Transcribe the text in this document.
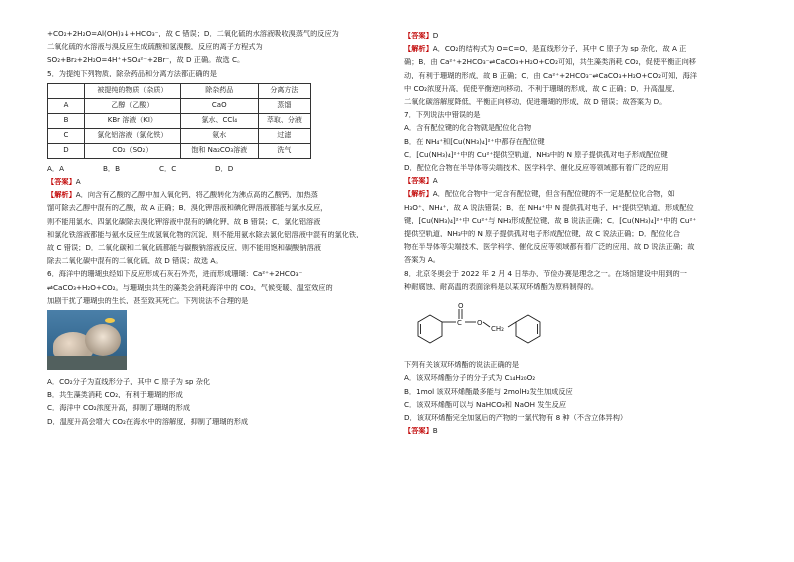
+CO₂+2H₂O=Al(OH)₃↓+HCO₃⁻，故 C 错误；D．二氧化硫的水溶液吸收溴蒸气的反应为

二氧化硫的水溶液与溴反应生成硫酸和氢溴酸，反应的离子方程式为

SO₂+Br₂+2H₂O=4H⁺+SO₄²⁻+2Br⁻，故 D 正确。故选 C。

5．为提纯下列物质，除杂药品和分离方法都正确的是

	被提纯的物质（杂质）	除杂药品	分离方法
A	乙醇（乙酸）	CaO	蒸馏
B	KBr 溶液（KI）	氯水、CCl₄	萃取、分液
C	氯化铝溶液（氯化铁）	氨水	过滤
D	CO₂（SO₂）	饱和 Na₂CO₃溶液	洗气
A．A	B．B	C．C	D．D

【答案】A

【解析】A．向含有乙酸的乙醇中加入氧化钙，将乙酸转化为沸点高的乙酸钙，加热蒸

馏可除去乙醇中混有的乙酸，故 A 正确；B．溴化钾溶液和碘化钾溶液都能与氯水反应，

则不能用氯水、四氯化碳除去溴化钾溶液中混有的碘化钾，故 B 错误；C．氯化铝溶液

和氯化铁溶液都能与氨水反应生成氢氧化物的沉淀，则不能用氨水除去氯化铝溶液中混有的氯化铁，

故 C 错误；D．二氧化碳和二氧化硫都能与碳酸钠溶液反应，则不能用饱和碳酸钠溶液

除去二氧化碳中混有的二氧化硫，故 D 错误；故选 A。

6．海洋中的珊瑚虫经如下反应形成石灰石外壳，进而形成珊瑚：Ca²⁺+2HCO₃⁻

⇌CaCO₃+H₂O+CO₂。与珊瑚虫共生的藻类会消耗海洋中的 CO₂，气候变暖、温室效应的

加剧干扰了珊瑚虫的生长，甚至致其死亡。下列说法不合理的是

A．CO₂分子为直线形分子，其中 C 原子为 sp 杂化

B．共生藻类消耗 CO₂，有利于珊瑚的形成

C．海洋中 CO₂浓度升高，抑制了珊瑚的形成

D．温度升高会增大 CO₂在海水中的溶解度，抑制了珊瑚的形成

【答案】D

【解析】A．CO₂的结构式为 O=C=O，是直线形分子，其中 C 原子为 sp 杂化，故 A 正

确；B．由 Ca²⁺+2HCO₃⁻⇌CaCO₃+H₂O+CO₂可知，共生藻类消耗 CO₂，促使平衡正向移

动，有利于珊瑚的形成，故 B 正确；C．由 Ca²⁺+2HCO₃⁻⇌CaCO₃+H₂O+CO₂可知，海洋

中 CO₂浓度升高，促使平衡逆向移动，不利于珊瑚的形成，故 C 正确；D．升高温度，

二氧化碳溶解度降低，平衡正向移动，促进珊瑚的形成，故 D 错误；故答案为 D。

7．下列说法中错误的是

A．含有配位键的化合物就是配位化合物

B．在 NH₄⁺和[Cu(NH₃)₄]²⁺中都存在配位键

C．[Cu(NH₃)₄]²⁺中的 Cu²⁺提供空轨道，NH₃中的 N 原子提供孤对电子形成配位键

D．配位化合物在半导体等尖端技术、医学科学、催化反应等领域都有着广泛的应用

【答案】A

【解析】A．配位化合物中一定含有配位键，但含有配位键的不一定是配位化合物，如

H₃O⁺、NH₄⁺，故 A 说法错误；B．在 NH₄⁺中 N 提供孤对电子，H⁺提供空轨道，形成配位

键，[Cu(NH₃)₄]²⁺中 Cu²⁺与 NH₃形成配位键，故 B 说法正确；C．[Cu(NH₃)₄]²⁺中的 Cu²⁺

提供空轨道，NH₃中的 N 原子提供孤对电子形成配位键，故 C 说法正确；D．配位化合

物在半导体等尖端技术、医学科学、催化反应等领域都有着广泛的应用，故 D 说法正确；故

答案为 A。

8．北京冬奥会于 2022 年 2 月 4 日举办，节俭办赛是理念之一。在场馆建设中用到的一

种耐腐蚀、耐高温的表面涂料是以某双环烯酯为原料制得的。

O
C O
CH₂

下列有关该双环烯酯的说法正确的是

A．该双环烯酯分子的分子式为 C₁₄H₂₀O₂

B．1mol 该双环烯酯最多能与 2molH₂发生加成反应

C．该双环烯酯可以与 NaHCO₃和 NaOH 发生反应

D．该双环烯酯完全加氢后的产物的一氯代物有 8 种（不含立体异构）

【答案】B
